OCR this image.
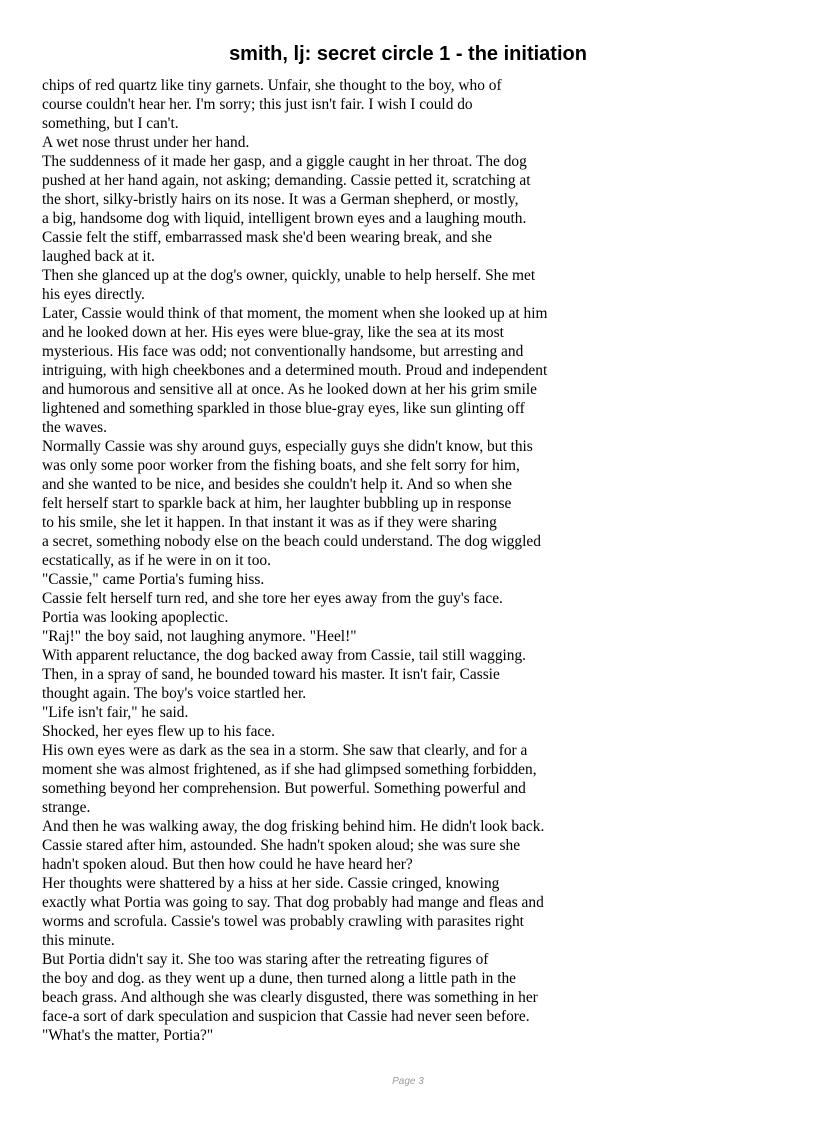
smith, lj: secret circle 1 - the initiation
chips of red quartz like tiny garnets. Unfair, she thought to the boy, who of
course couldn't hear her. I'm sorry; this just isn't fair. I wish I could do
something, but I can't.
A wet nose thrust under her hand.
The suddenness of it made her gasp, and a giggle caught in her throat. The dog
pushed at her hand again, not asking; demanding. Cassie petted it, scratching at
the short, silky-bristly hairs on its nose. It was a German shepherd, or mostly,
a big, handsome dog with liquid, intelligent brown eyes and a laughing mouth.
Cassie felt the stiff, embarrassed mask she'd been wearing break, and she
laughed back at it.
Then she glanced up at the dog's owner, quickly, unable to help herself. She met
his eyes directly.
Later, Cassie would think of that moment, the moment when she looked up at him
and he looked down at her. His eyes were blue-gray, like the sea at its most
mysterious. His face was odd; not conventionally handsome, but arresting and
intriguing, with high cheekbones and a determined mouth. Proud and independent
and humorous and sensitive all at once. As he looked down at her his grim smile
lightened and something sparkled in those blue-gray eyes, like sun glinting off
the waves.
Normally Cassie was shy around guys, especially guys she didn't know, but this
was only some poor worker from the fishing boats, and she felt sorry for him,
and she wanted to be nice, and besides she couldn't help it. And so when she
felt herself start to sparkle back at him, her laughter bubbling up in response
to his smile, she let it happen. In that instant it was as if they were sharing
a secret, something nobody else on the beach could understand. The dog wiggled
ecstatically, as if he were in on it too.
"Cassie," came Portia's fuming hiss.
Cassie felt herself turn red, and she tore her eyes away from the guy's face.
Portia was looking apoplectic.
"Raj!" the boy said, not laughing anymore. "Heel!"
With apparent reluctance, the dog backed away from Cassie, tail still wagging.
Then, in a spray of sand, he bounded toward his master. It isn't fair, Cassie
thought again. The boy's voice startled her.
"Life isn't fair," he said.
Shocked, her eyes flew up to his face.
His own eyes were as dark as the sea in a storm. She saw that clearly, and for a
moment she was almost frightened, as if she had glimpsed something forbidden,
something beyond her comprehension. But powerful. Something powerful and
strange.
And then he was walking away, the dog frisking behind him. He didn't look back.
Cassie stared after him, astounded. She hadn't spoken aloud; she was sure she
hadn't spoken aloud. But then how could he have heard her?
Her thoughts were shattered by a hiss at her side. Cassie cringed, knowing
exactly what Portia was going to say. That dog probably had mange and fleas and
worms and scrofula. Cassie's towel was probably crawling with parasites right
this minute.
But Portia didn't say it. She too was staring after the retreating figures of
the boy and dog. as they went up a dune, then turned along a little path in the
beach grass. And although she was clearly disgusted, there was something in her
face-a sort of dark speculation and suspicion that Cassie had never seen before.
"What's the matter, Portia?"
Page 3
